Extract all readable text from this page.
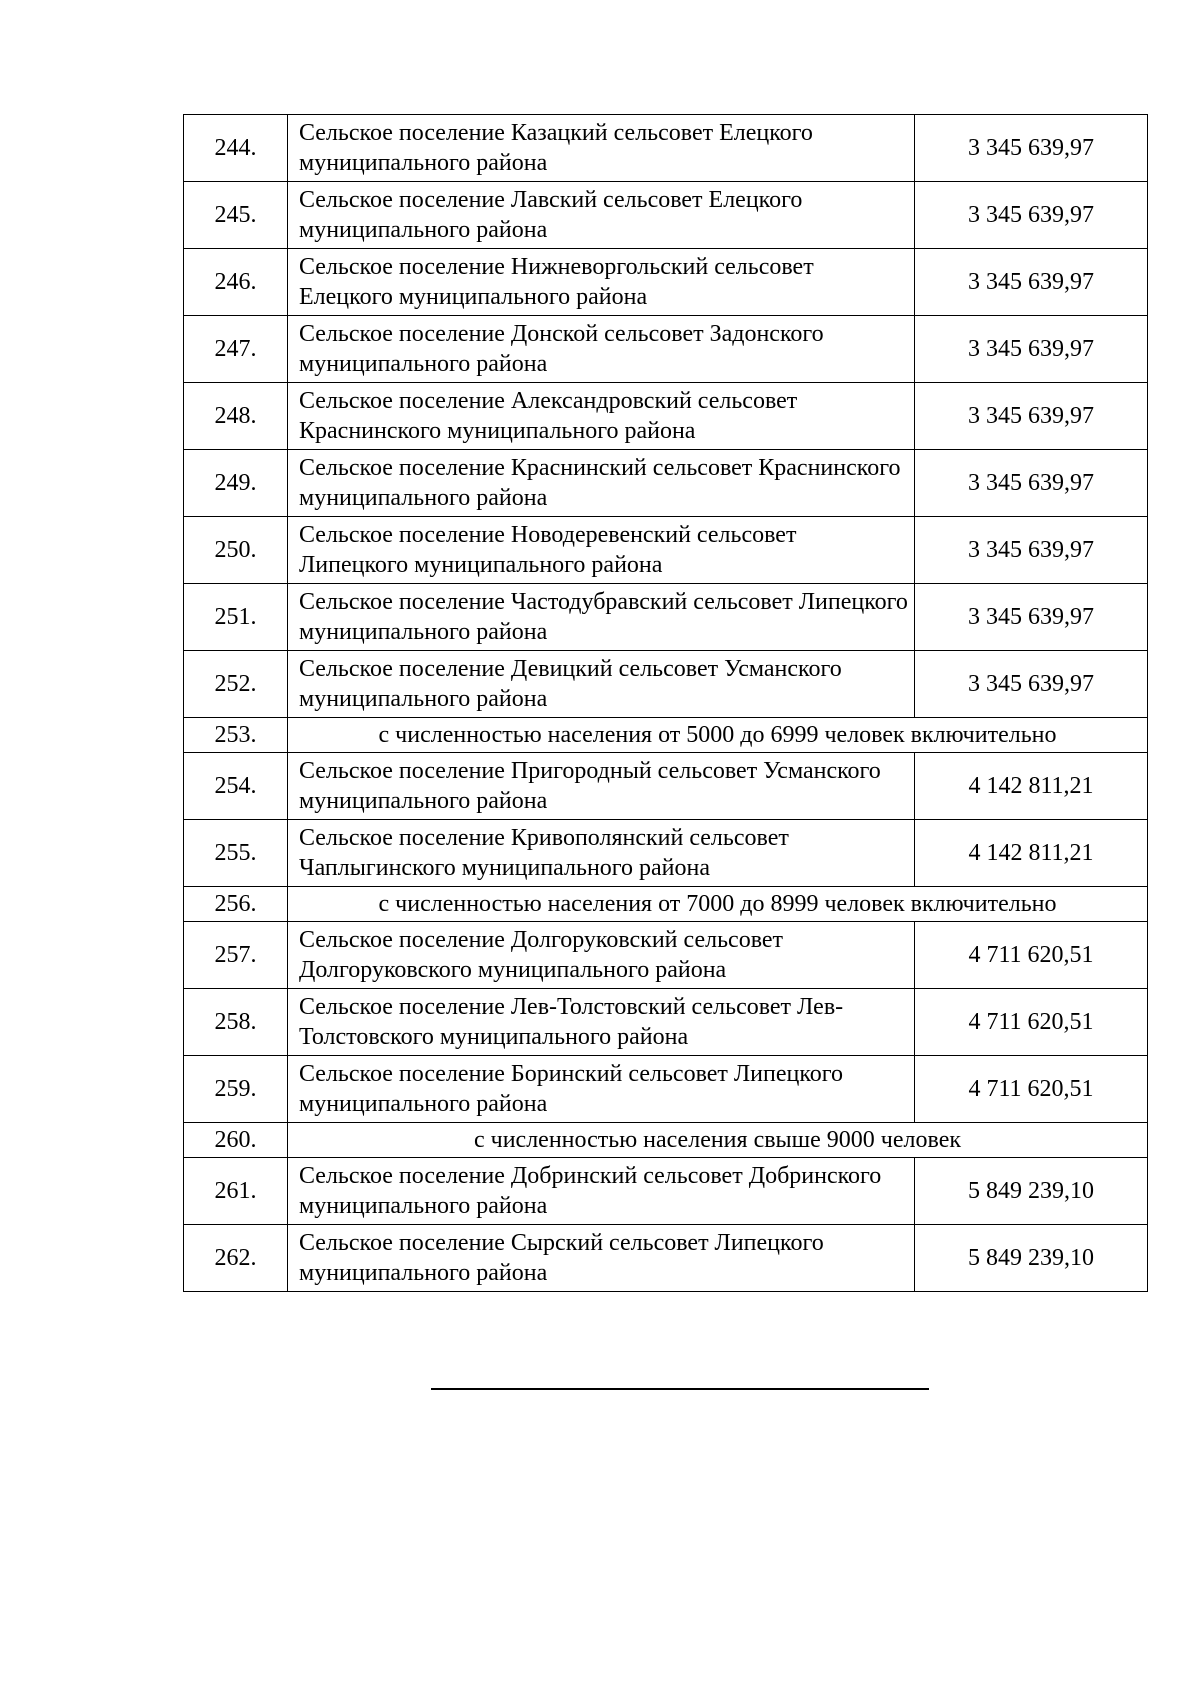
244.	Сельское поселение Казацкий сельсовет Елецкого муниципального района	3 345 639,97
245.	Сельское поселение Лавский сельсовет Елецкого муниципального района	3 345 639,97
246.	Сельское поселение Нижневоргольский сельсовет Елецкого муниципального района	3 345 639,97
247.	Сельское поселение Донской сельсовет Задонского муниципального района	3 345 639,97
248.	Сельское поселение Александровский сельсовет Краснинского муниципального района	3 345 639,97
249.	Сельское поселение Краснинский сельсовет Краснинского муниципального района	3 345 639,97
250.	Сельское поселение Новодеревенский сельсовет Липецкого муниципального района	3 345 639,97
251.	Сельское поселение Частодубравский сельсовет Липецкого муниципального района	3 345 639,97
252.	Сельское поселение Девицкий сельсовет Усманского муниципального района	3 345 639,97
253.	с численностью населения от 5000 до 6999 человек включительно	
254.	Сельское поселение Пригородный сельсовет Усманского муниципального района	4 142 811,21
255.	Сельское поселение Кривополянский сельсовет Чаплыгинского муниципального района	4 142 811,21
256.	с численностью населения от 7000 до 8999 человек включительно	
257.	Сельское поселение Долгоруковский сельсовет Долгоруковского муниципального района	4 711 620,51
258.	Сельское поселение Лев-Толстовский сельсовет Лев-Толстовского муниципального района	4 711 620,51
259.	Сельское поселение Боринский сельсовет Липецкого муниципального района	4 711 620,51
260.	с численностью населения свыше 9000 человек	
261.	Сельское поселение Добринский сельсовет Добринского муниципального района	5 849 239,10
262.	Сельское поселение Сырский сельсовет Липецкого муниципального района	5 849 239,10
